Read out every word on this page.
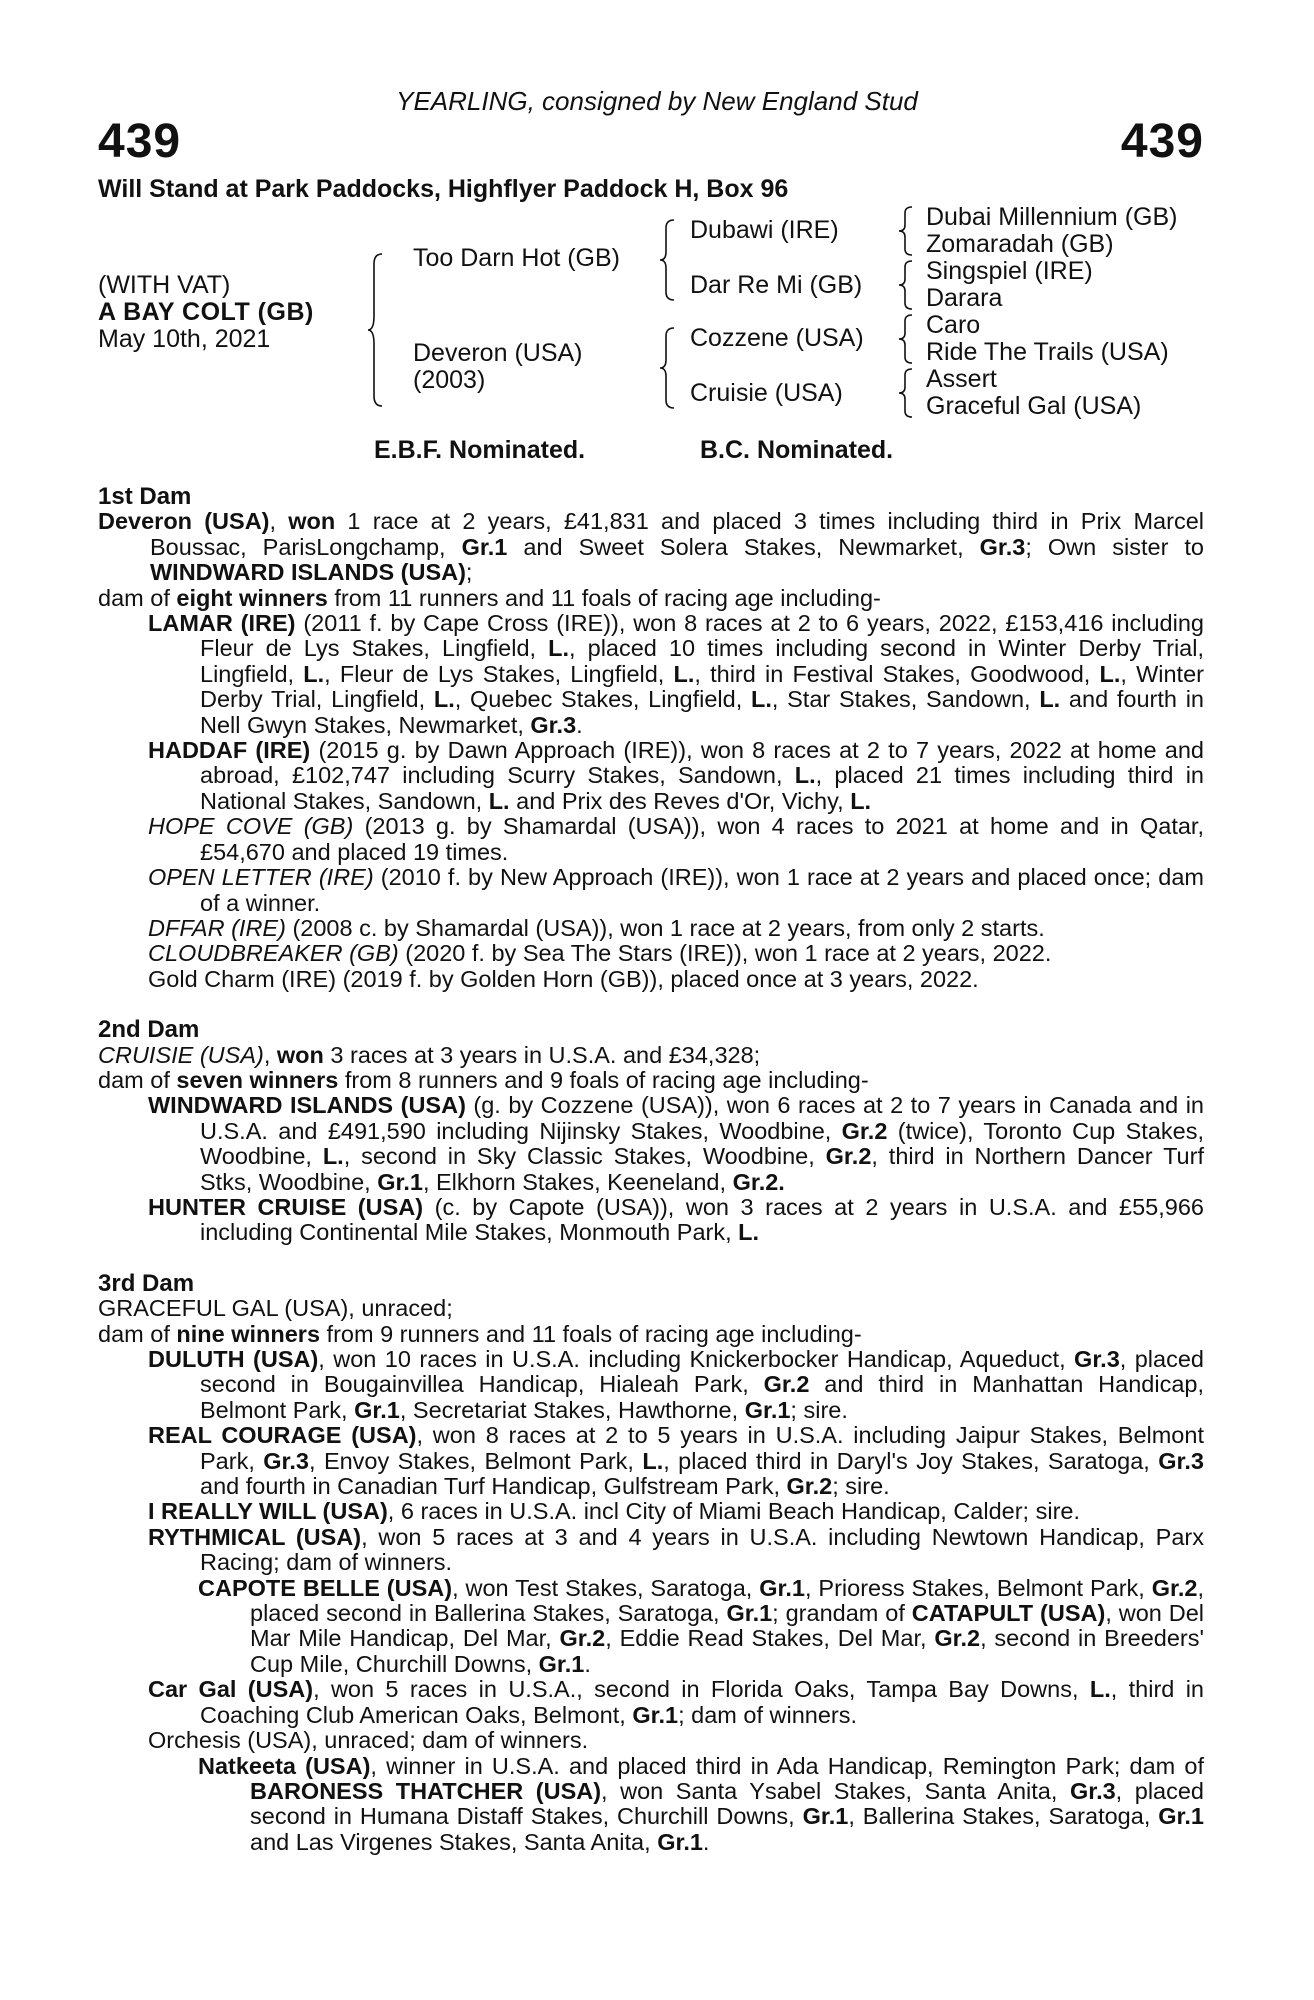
YEARLING, consigned by New England Stud
439	439
Will Stand at Park Paddocks, Highflyer Paddock H, Box 96
(WITH VAT)
A BAY COLT (GB)
May 10th, 2021
Too Darn Hot (GB)
Deveron (USA)
(2003)
Dubawi (IRE)
Dar Re Mi (GB)
Cozzene (USA)
Cruisie (USA)
Dubai Millennium (GB)
Zomaradah (GB)
Singspiel (IRE)
Darara
Caro
Ride The Trails (USA)
Assert
Graceful Gal (USA)
E.B.F. Nominated.	B.C. Nominated.

1st Dam

Deveron (USA), won 1 race at 2 years, £41,831 and placed 3 times including third in Prix Marcel Boussac, ParisLongchamp, Gr.1 and Sweet Solera Stakes, Newmarket, Gr.3; Own sister to WINDWARD ISLANDS (USA);

dam of eight winners from 11 runners and 11 foals of racing age including-

LAMAR (IRE) (2011 f. by Cape Cross (IRE)), won 8 races at 2 to 6 years, 2022, £153,416 including Fleur de Lys Stakes, Lingfield, L., placed 10 times including second in Winter Derby Trial, Lingfield, L., Fleur de Lys Stakes, Lingfield, L., third in Festival Stakes, Goodwood, L., Winter Derby Trial, Lingfield, L., Quebec Stakes, Lingfield, L., Star Stakes, Sandown, L. and fourth in Nell Gwyn Stakes, Newmarket, Gr.3.

HADDAF (IRE) (2015 g. by Dawn Approach (IRE)), won 8 races at 2 to 7 years, 2022 at home and abroad, £102,747 including Scurry Stakes, Sandown, L., placed 21 times including third in National Stakes, Sandown, L. and Prix des Reves d'Or, Vichy, L.

HOPE COVE (GB) (2013 g. by Shamardal (USA)), won 4 races to 2021 at home and in Qatar, £54,670 and placed 19 times.

OPEN LETTER (IRE) (2010 f. by New Approach (IRE)), won 1 race at 2 years and placed once; dam of a winner.

DFFAR (IRE) (2008 c. by Shamardal (USA)), won 1 race at 2 years, from only 2 starts.

CLOUDBREAKER (GB) (2020 f. by Sea The Stars (IRE)), won 1 race at 2 years, 2022.

Gold Charm (IRE) (2019 f. by Golden Horn (GB)), placed once at 3 years, 2022.

2nd Dam

CRUISIE (USA), won 3 races at 3 years in U.S.A. and £34,328;

dam of seven winners from 8 runners and 9 foals of racing age including-

WINDWARD ISLANDS (USA) (g. by Cozzene (USA)), won 6 races at 2 to 7 years in Canada and in U.S.A. and £491,590 including Nijinsky Stakes, Woodbine, Gr.2 (twice), Toronto Cup Stakes, Woodbine, L., second in Sky Classic Stakes, Woodbine, Gr.2, third in Northern Dancer Turf Stks, Woodbine, Gr.1, Elkhorn Stakes, Keeneland, Gr.2.

HUNTER CRUISE (USA) (c. by Capote (USA)), won 3 races at 2 years in U.S.A. and £55,966 including Continental Mile Stakes, Monmouth Park, L.

3rd Dam

GRACEFUL GAL (USA), unraced;

dam of nine winners from 9 runners and 11 foals of racing age including-

DULUTH (USA), won 10 races in U.S.A. including Knickerbocker Handicap, Aqueduct, Gr.3, placed second in Bougainvillea Handicap, Hialeah Park, Gr.2 and third in Manhattan Handicap, Belmont Park, Gr.1, Secretariat Stakes, Hawthorne, Gr.1; sire.

REAL COURAGE (USA), won 8 races at 2 to 5 years in U.S.A. including Jaipur Stakes, Belmont Park, Gr.3, Envoy Stakes, Belmont Park, L., placed third in Daryl's Joy Stakes, Saratoga, Gr.3 and fourth in Canadian Turf Handicap, Gulfstream Park, Gr.2; sire.

I REALLY WILL (USA), 6 races in U.S.A. incl City of Miami Beach Handicap, Calder; sire.

RYTHMICAL (USA), won 5 races at 3 and 4 years in U.S.A. including Newtown Handicap, Parx Racing; dam of winners.

CAPOTE BELLE (USA), won Test Stakes, Saratoga, Gr.1, Prioress Stakes, Belmont Park, Gr.2, placed second in Ballerina Stakes, Saratoga, Gr.1; grandam of CATAPULT (USA), won Del Mar Mile Handicap, Del Mar, Gr.2, Eddie Read Stakes, Del Mar, Gr.2, second in Breeders' Cup Mile, Churchill Downs, Gr.1.

Car Gal (USA), won 5 races in U.S.A., second in Florida Oaks, Tampa Bay Downs, L., third in Coaching Club American Oaks, Belmont, Gr.1; dam of winners.

Orchesis (USA), unraced; dam of winners.

Natkeeta (USA), winner in U.S.A. and placed third in Ada Handicap, Remington Park; dam of BARONESS THATCHER (USA), won Santa Ysabel Stakes, Santa Anita, Gr.3, placed second in Humana Distaff Stakes, Churchill Downs, Gr.1, Ballerina Stakes, Saratoga, Gr.1 and Las Virgenes Stakes, Santa Anita, Gr.1.
